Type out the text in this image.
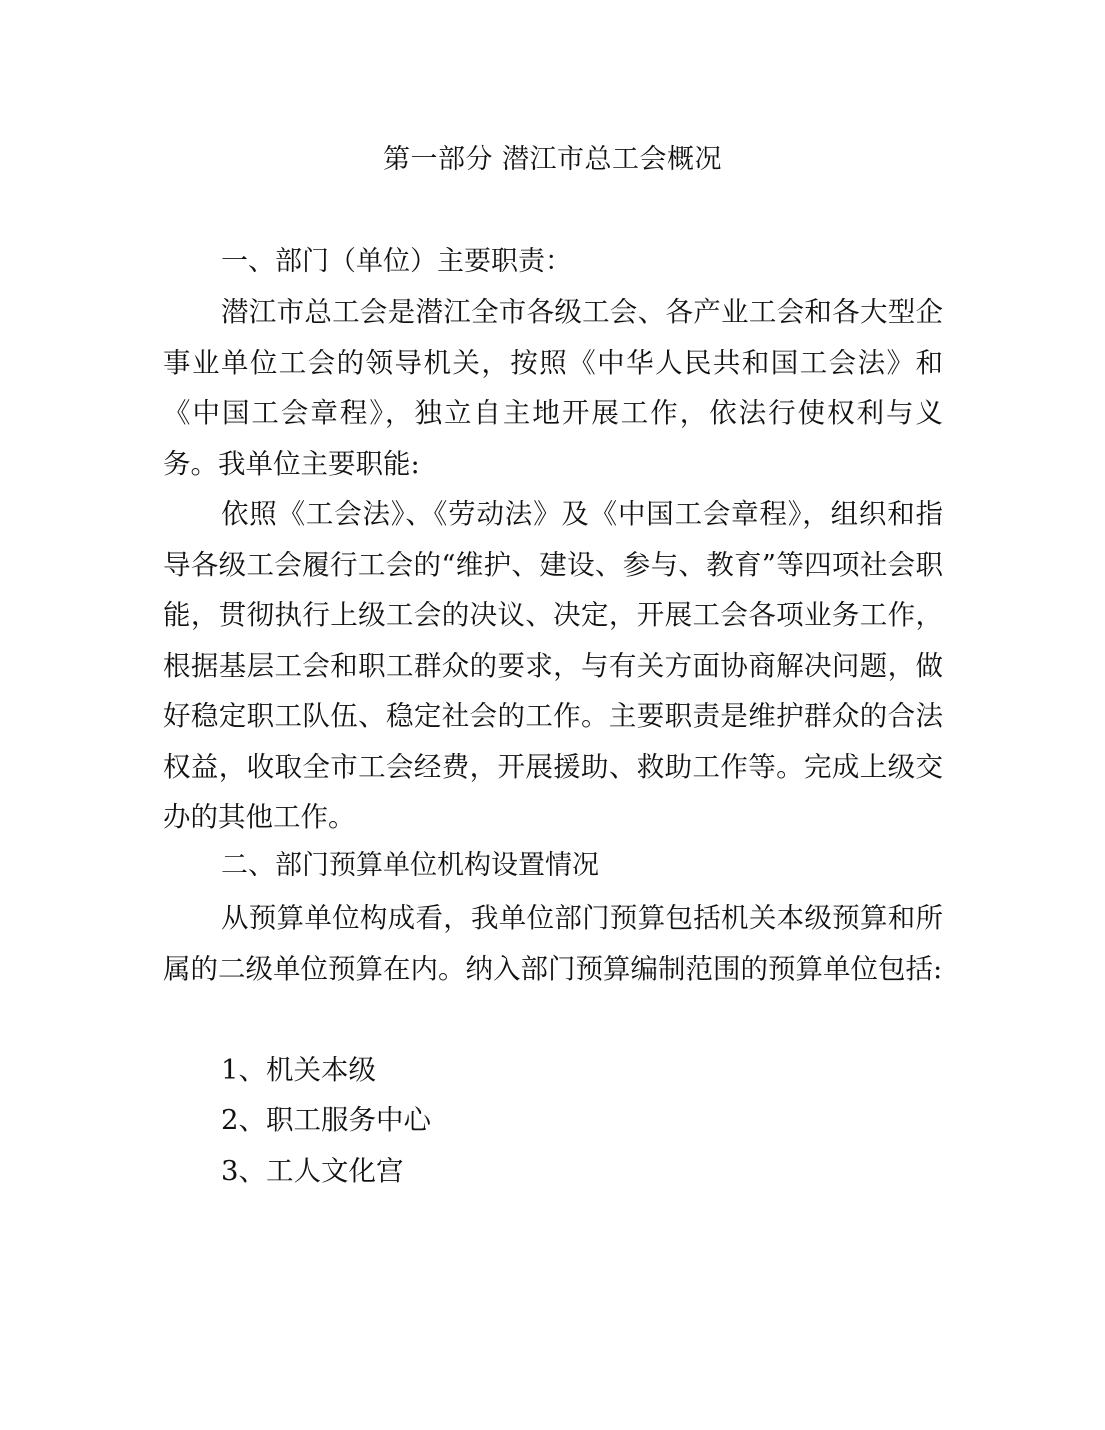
第一部分 潜江市总工会概况
一、部门（单位）主要职责：
潜江市总工会是潜江全市各级工会、各产业工会和各大型企事业单位工会的领导机关，按照《中华人民共和国工会法》和《中国工会章程》，独立自主地开展工作，依法行使权利与义务。我单位主要职能:
依照《工会法》、《劳动法》及《中国工会章程》，组织和指导各级工会履行工会的“维护、建设、参与、教育”等四项社会职能，贯彻执行上级工会的决议、决定，开展工会各项业务工作，根据基层工会和职工群众的要求，与有关方面协商解决问题，做好稳定职工队伍、稳定社会的工作。主要职责是维护群众的合法权益，收取全市工会经费，开展援助、救助工作等。完成上级交办的其他工作。
二、部门预算单位机构设置情况
从预算单位构成看，我单位部门预算包括机关本级预算和所属的二级单位预算在内。纳入部门预算编制范围的预算单位包括:
1、机关本级
2、职工服务中心
3、工人文化宫
